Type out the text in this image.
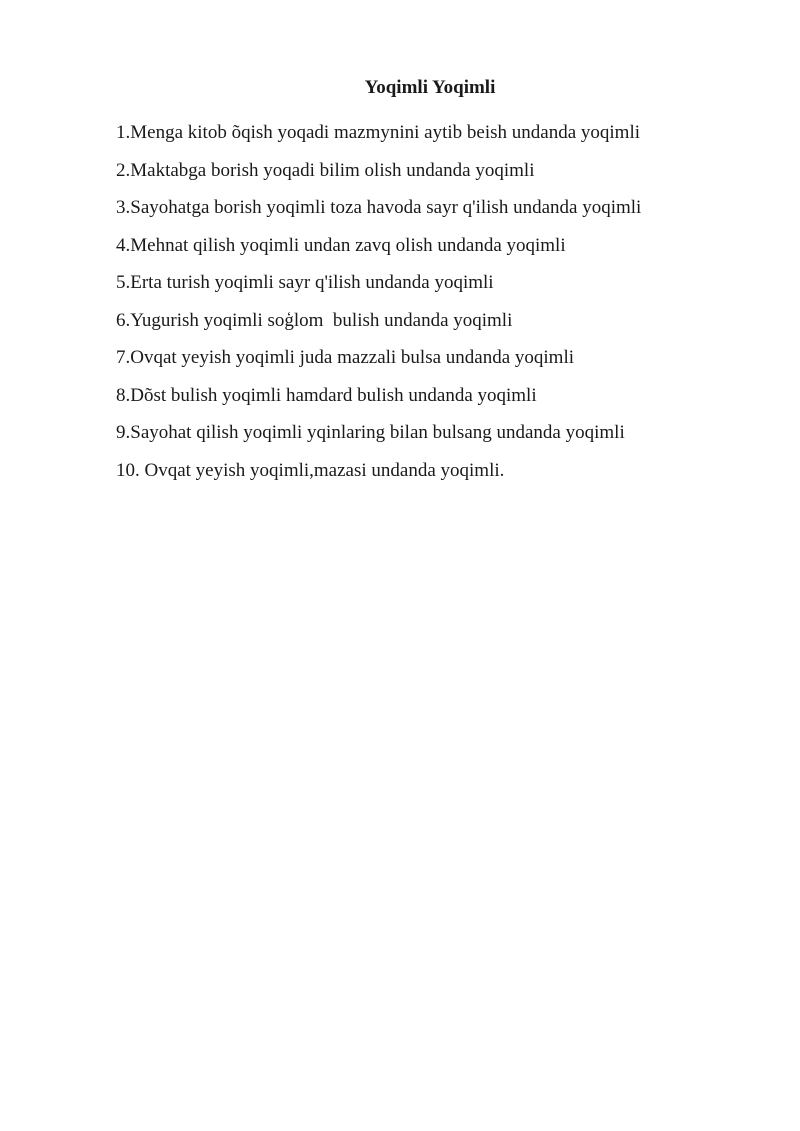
Yoqimli Yoqimli
1.Menga kitob õqish yoqadi mazmynini aytib beish undanda yoqimli
2.Maktabga borish yoqadi bilim olish undanda yoqimli
3.Sayohatga borish yoqimli toza havoda sayr q'ilish undanda yoqimli
4.Mehnat qilish yoqimli undan zavq olish undanda yoqimli
5.Erta turish yoqimli sayr q'ilish undanda yoqimli
6.Yugurish yoqimli soģlom  bulish undanda yoqimli
7.Ovqat yeyish yoqimli juda mazzali bulsa undanda yoqimli
8.Dõst bulish yoqimli hamdard bulish undanda yoqimli
9.Sayohat qilish yoqimli yqinlaring bilan bulsang undanda yoqimli
10. Ovqat yeyish yoqimli,mazasi undanda yoqimli.
